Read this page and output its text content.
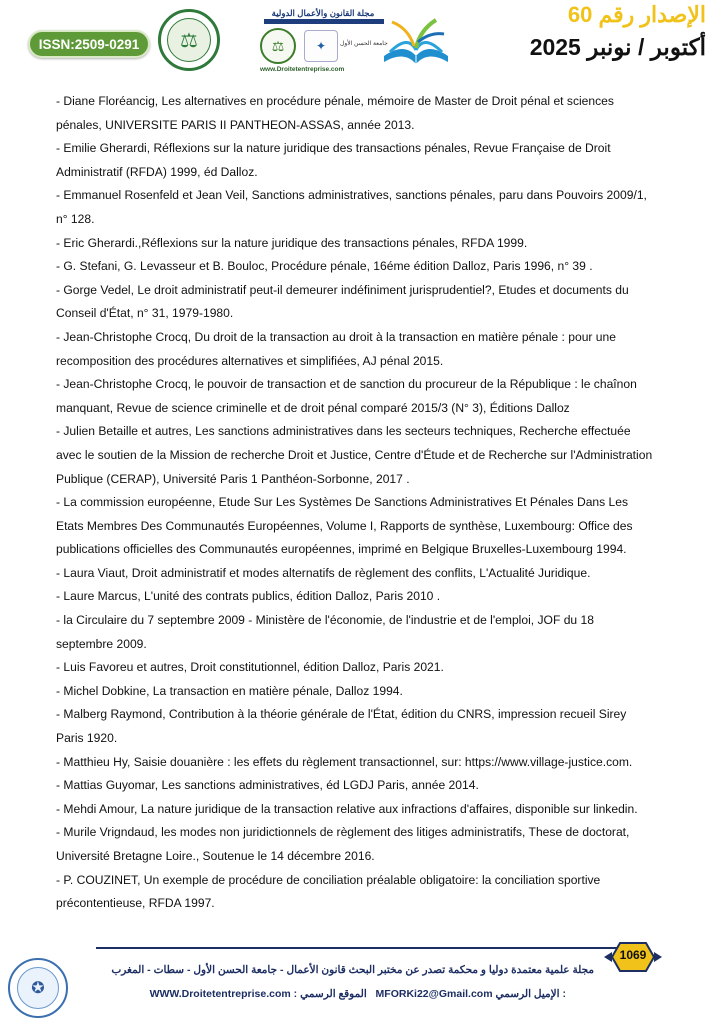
ISSN:2509-0291	⚖
مجلة القانون والأعمال الدولية
⚖	✦ جامعة الحسن الأول
www.Droitetentreprise.com
الإصدار رقم 60
أكتوبر / نونبر 2025
- Diane Floréancig, Les alternatives en procédure pénale, mémoire de Master de Droit pénal et sciences pénales, UNIVERSITE PARIS II PANTHEON-ASSAS, année 2013.
- Emilie Gherardi, Réflexions sur la nature juridique des transactions pénales, Revue Française de Droit Administratif (RFDA) 1999, éd Dalloz.
- Emmanuel Rosenfeld et Jean Veil, Sanctions administratives, sanctions pénales, paru dans Pouvoirs 2009/1, n° 128.
- Eric Gherardi.,Réflexions sur la nature juridique des transactions pénales, RFDA 1999.
- G. Stefani, G. Levasseur et B. Bouloc, Procédure pénale, 16éme édition Dalloz, Paris 1996, n° 39 .
- Gorge Vedel, Le droit administratif peut-il demeurer indéfiniment jurisprudentiel?, Etudes et documents du Conseil d'État, n° 31, 1979-1980.
- Jean-Christophe Crocq, Du droit de la transaction au droit à la transaction en matière pénale : pour une recomposition des procédures alternatives et simplifiées, AJ pénal 2015.
- Jean-Christophe Crocq, le pouvoir de transaction et de sanction du procureur de la République : le chaînon manquant, Revue de science criminelle et de droit pénal comparé 2015/3 (N° 3), Éditions Dalloz
- Julien Betaille et autres, Les sanctions administratives dans les secteurs techniques, Recherche effectuée avec le soutien de la Mission de recherche Droit et Justice, Centre d'Étude et de Recherche sur l'Administration Publique (CERAP), Université Paris 1 Panthéon-Sorbonne, 2017 .
- La commission européenne, Etude Sur Les Systèmes De Sanctions Administratives Et Pénales Dans Les Etats Membres Des Communautés Européennes, Volume I, Rapports de synthèse, Luxembourg: Office des publications officielles des Communautés européennes, imprimé en Belgique Bruxelles-Luxembourg 1994.
- Laura Viaut, Droit administratif et modes alternatifs de règlement des conflits, L'Actualité Juridique.
- Laure Marcus, L'unité des contrats publics, édition Dalloz, Paris 2010 .
- la Circulaire du 7 septembre 2009 - Ministère de l'économie, de l'industrie et de l'emploi, JOF du 18 septembre 2009.
- Luis Favoreu et autres, Droit constitutionnel, édition Dalloz, Paris 2021.
- Michel Dobkine, La transaction en matière pénale, Dalloz 1994.
- Malberg Raymond, Contribution à la théorie générale de l'État, édition du CNRS, impression recueil Sirey Paris 1920.
- Matthieu Hy, Saisie douanière : les effets du règlement transactionnel, sur: https://www.village-justice.com.
- Mattias Guyomar, Les sanctions administratives, éd LGDJ Paris, année 2014.
- Mehdi Amour, La nature juridique de la transaction relative aux infractions d'affaires, disponible sur linkedin.
- Murile Vrigndaud, les modes non juridictionnels de règlement des litiges administratifs, These de doctorat, Université Bretagne Loire., Soutenue le 14 décembre 2016.
- P. COUZINET, Un exemple de procédure de conciliation préalable obligatoire: la conciliation sportive précontentieuse, RFDA 1997.
1069
مجلة علمية معتمدة دوليا و محكمة تصدر عن مختبر البحث قانون الأعمال - جامعة الحسن الأول - سطات - المغرب
WWW.Droitetentreprise.com : الموقع الرسمي MFORKi22@Gmail.com الإميل الرسمي :
✪
